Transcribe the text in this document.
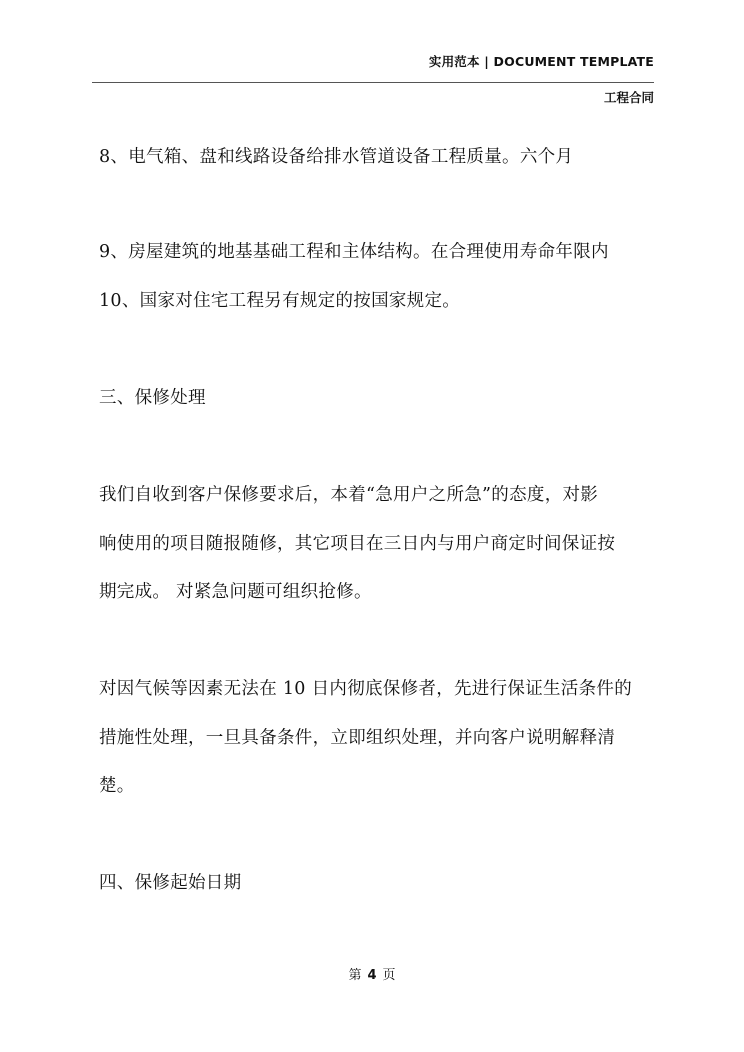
实用范本 | DOCUMENT TEMPLATE
工程合同
8、电气箱、盘和线路设备给排水管道设备工程质量。六个月
9、房屋建筑的地基基础工程和主体结构。在合理使用寿命年限内
10、国家对住宅工程另有规定的按国家规定。
三、保修处理
我们自收到客户保修要求后，本着“急用户之所急”的态度，对影
响使用的项目随报随修，其它项目在三日内与用户商定时间保证按
期完成。 对紧急问题可组织抢修。
对因气候等因素无法在 10 日内彻底保修者，先进行保证生活条件的
措施性处理，一旦具备条件，立即组织处理，并向客户说明解释清
楚。
四、保修起始日期
第 4 页
